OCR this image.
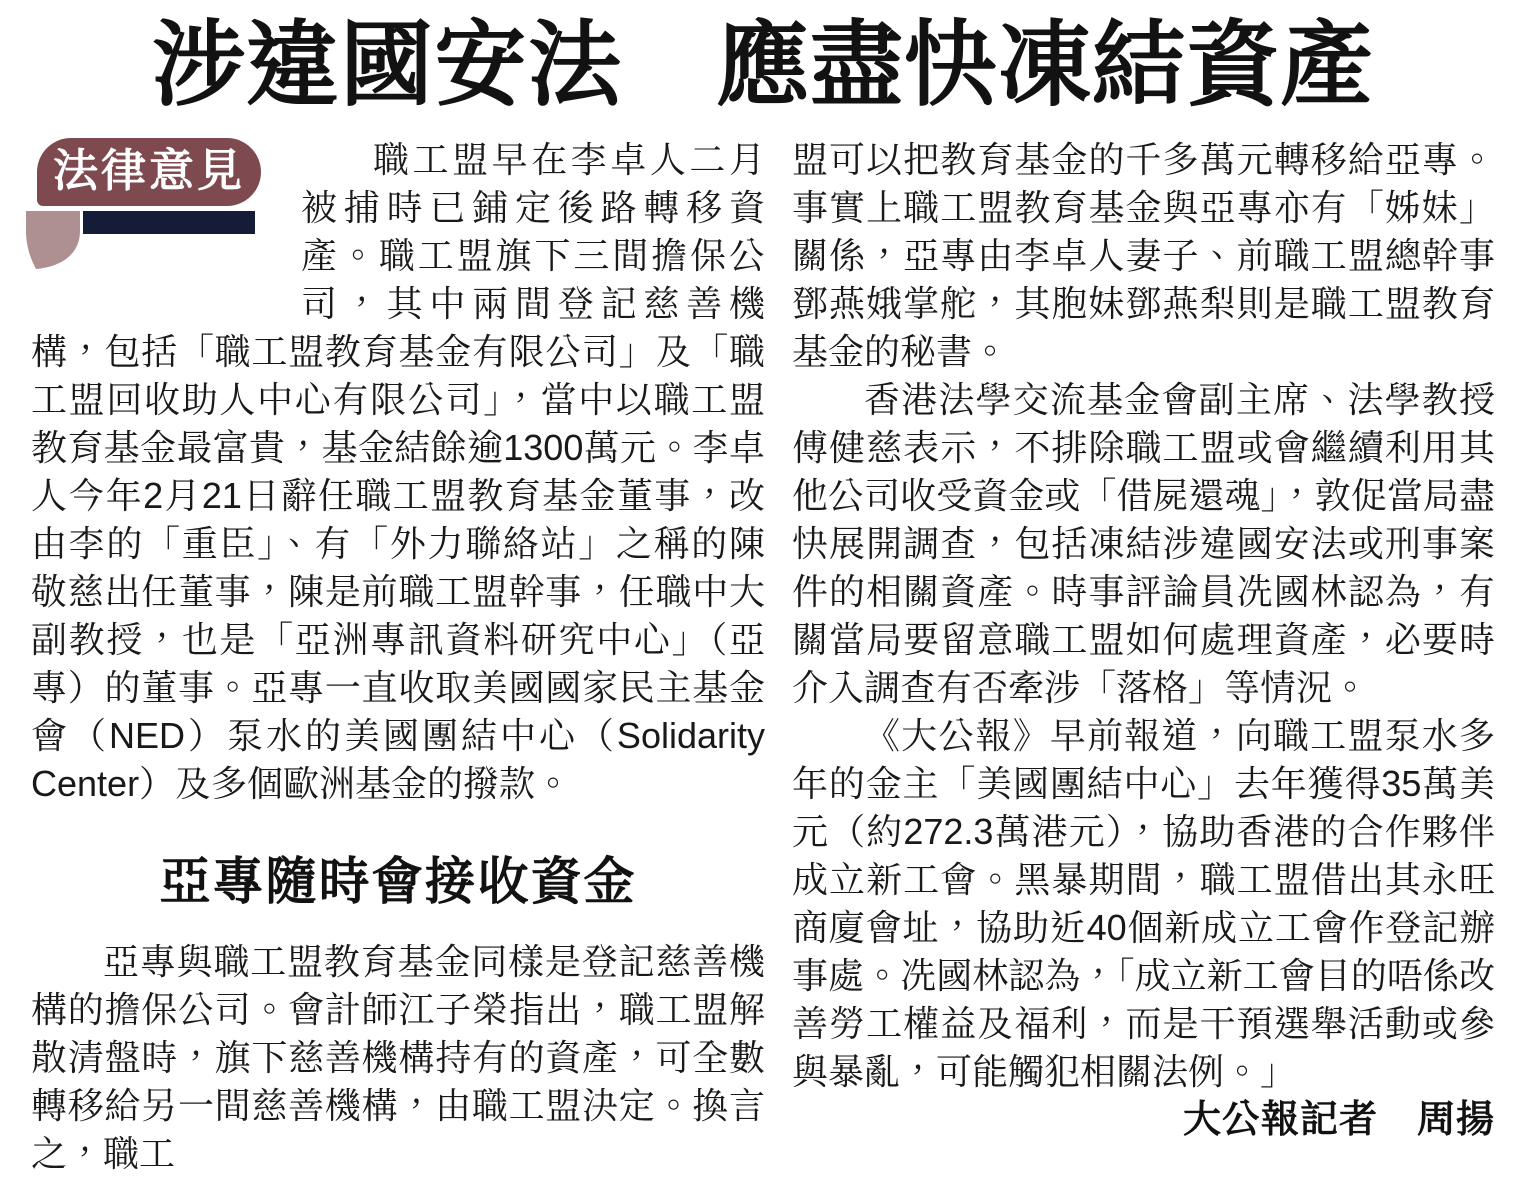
涉違國安法　應盡快凍結資產
法律意見	職工盟早在李卓人二月被捕時已鋪定後路轉移資產。職工盟旗下三間擔保公司，其中兩間登記慈善機構，包括「職工盟教育基金有限公司」及「職工盟回收助人中心有限公司」，當中以職工盟教育基金最富貴，基金結餘逾1300萬元。李卓人今年2月21日辭任職工盟教育基金董事，改由李的「重臣」、有「外力聯絡站」之稱的陳敬慈出任董事，陳是前職工盟幹事，任職中大副教授，也是「亞洲專訊資料研究中心」（亞專）的董事。亞專一直收取美國國家民主基金會（NED）泵水的美國團結中心（Solidarity Center）及多個歐洲基金的撥款。

亞專隨時會接收資金

亞專與職工盟教育基金同樣是登記慈善機構的擔保公司。會計師江子榮指出，職工盟解散清盤時，旗下慈善機構持有的資產，可全數轉移給另一間慈善機構，由職工盟決定。換言之，職工

盟可以把教育基金的千多萬元轉移給亞專。事實上職工盟教育基金與亞專亦有「姊妹」關係，亞專由李卓人妻子、前職工盟總幹事鄧燕娥掌舵，其胞妹鄧燕梨則是職工盟教育基金的秘書。

香港法學交流基金會副主席、法學教授傅健慈表示，不排除職工盟或會繼續利用其他公司收受資金或「借屍還魂」，敦促當局盡快展開調查，包括凍結涉違國安法或刑事案件的相關資產。時事評論員冼國林認為，有關當局要留意職工盟如何處理資產，必要時介入調查有否牽涉「落格」等情況。

《大公報》早前報道，向職工盟泵水多年的金主「美國團結中心」去年獲得35萬美元（約272.3萬港元），協助香港的合作夥伴成立新工會。黑暴期間，職工盟借出其永旺商廈會址，協助近40個新成立工會作登記辦事處。冼國林認為，「成立新工會目的唔係改善勞工權益及福利，而是干預選舉活動或參與暴亂，可能觸犯相關法例。」
大公報記者　周揚
